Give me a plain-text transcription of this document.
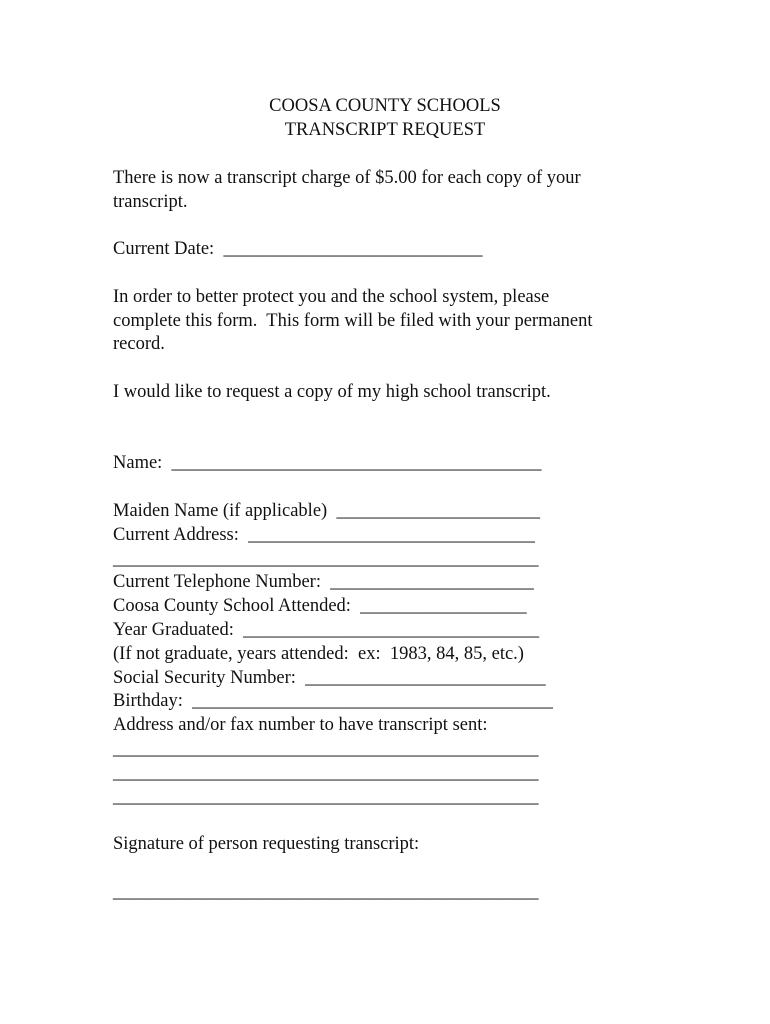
COOSA COUNTY SCHOOLS
TRANSCRIPT REQUEST
There is now a transcript charge of $5.00 for each copy of your
transcript.
Current Date:  ____________________________
In order to better protect you and the school system, please
complete this form.  This form will be filed with your permanent
record.
I would like to request a copy of my high school transcript.
Name:  ________________________________________
Maiden Name (if applicable)  ______________________
Current Address:  _______________________________
______________________________________________
Current Telephone Number:  ______________________
Coosa County School Attended:  __________________
Year Graduated:  ________________________________
(If not graduate, years attended:  ex:  1983, 84, 85, etc.)
Social Security Number:  __________________________
Birthday:  _______________________________________
Address and/or fax number to have transcript sent:
______________________________________________
______________________________________________
______________________________________________
Signature of person requesting transcript:
______________________________________________
